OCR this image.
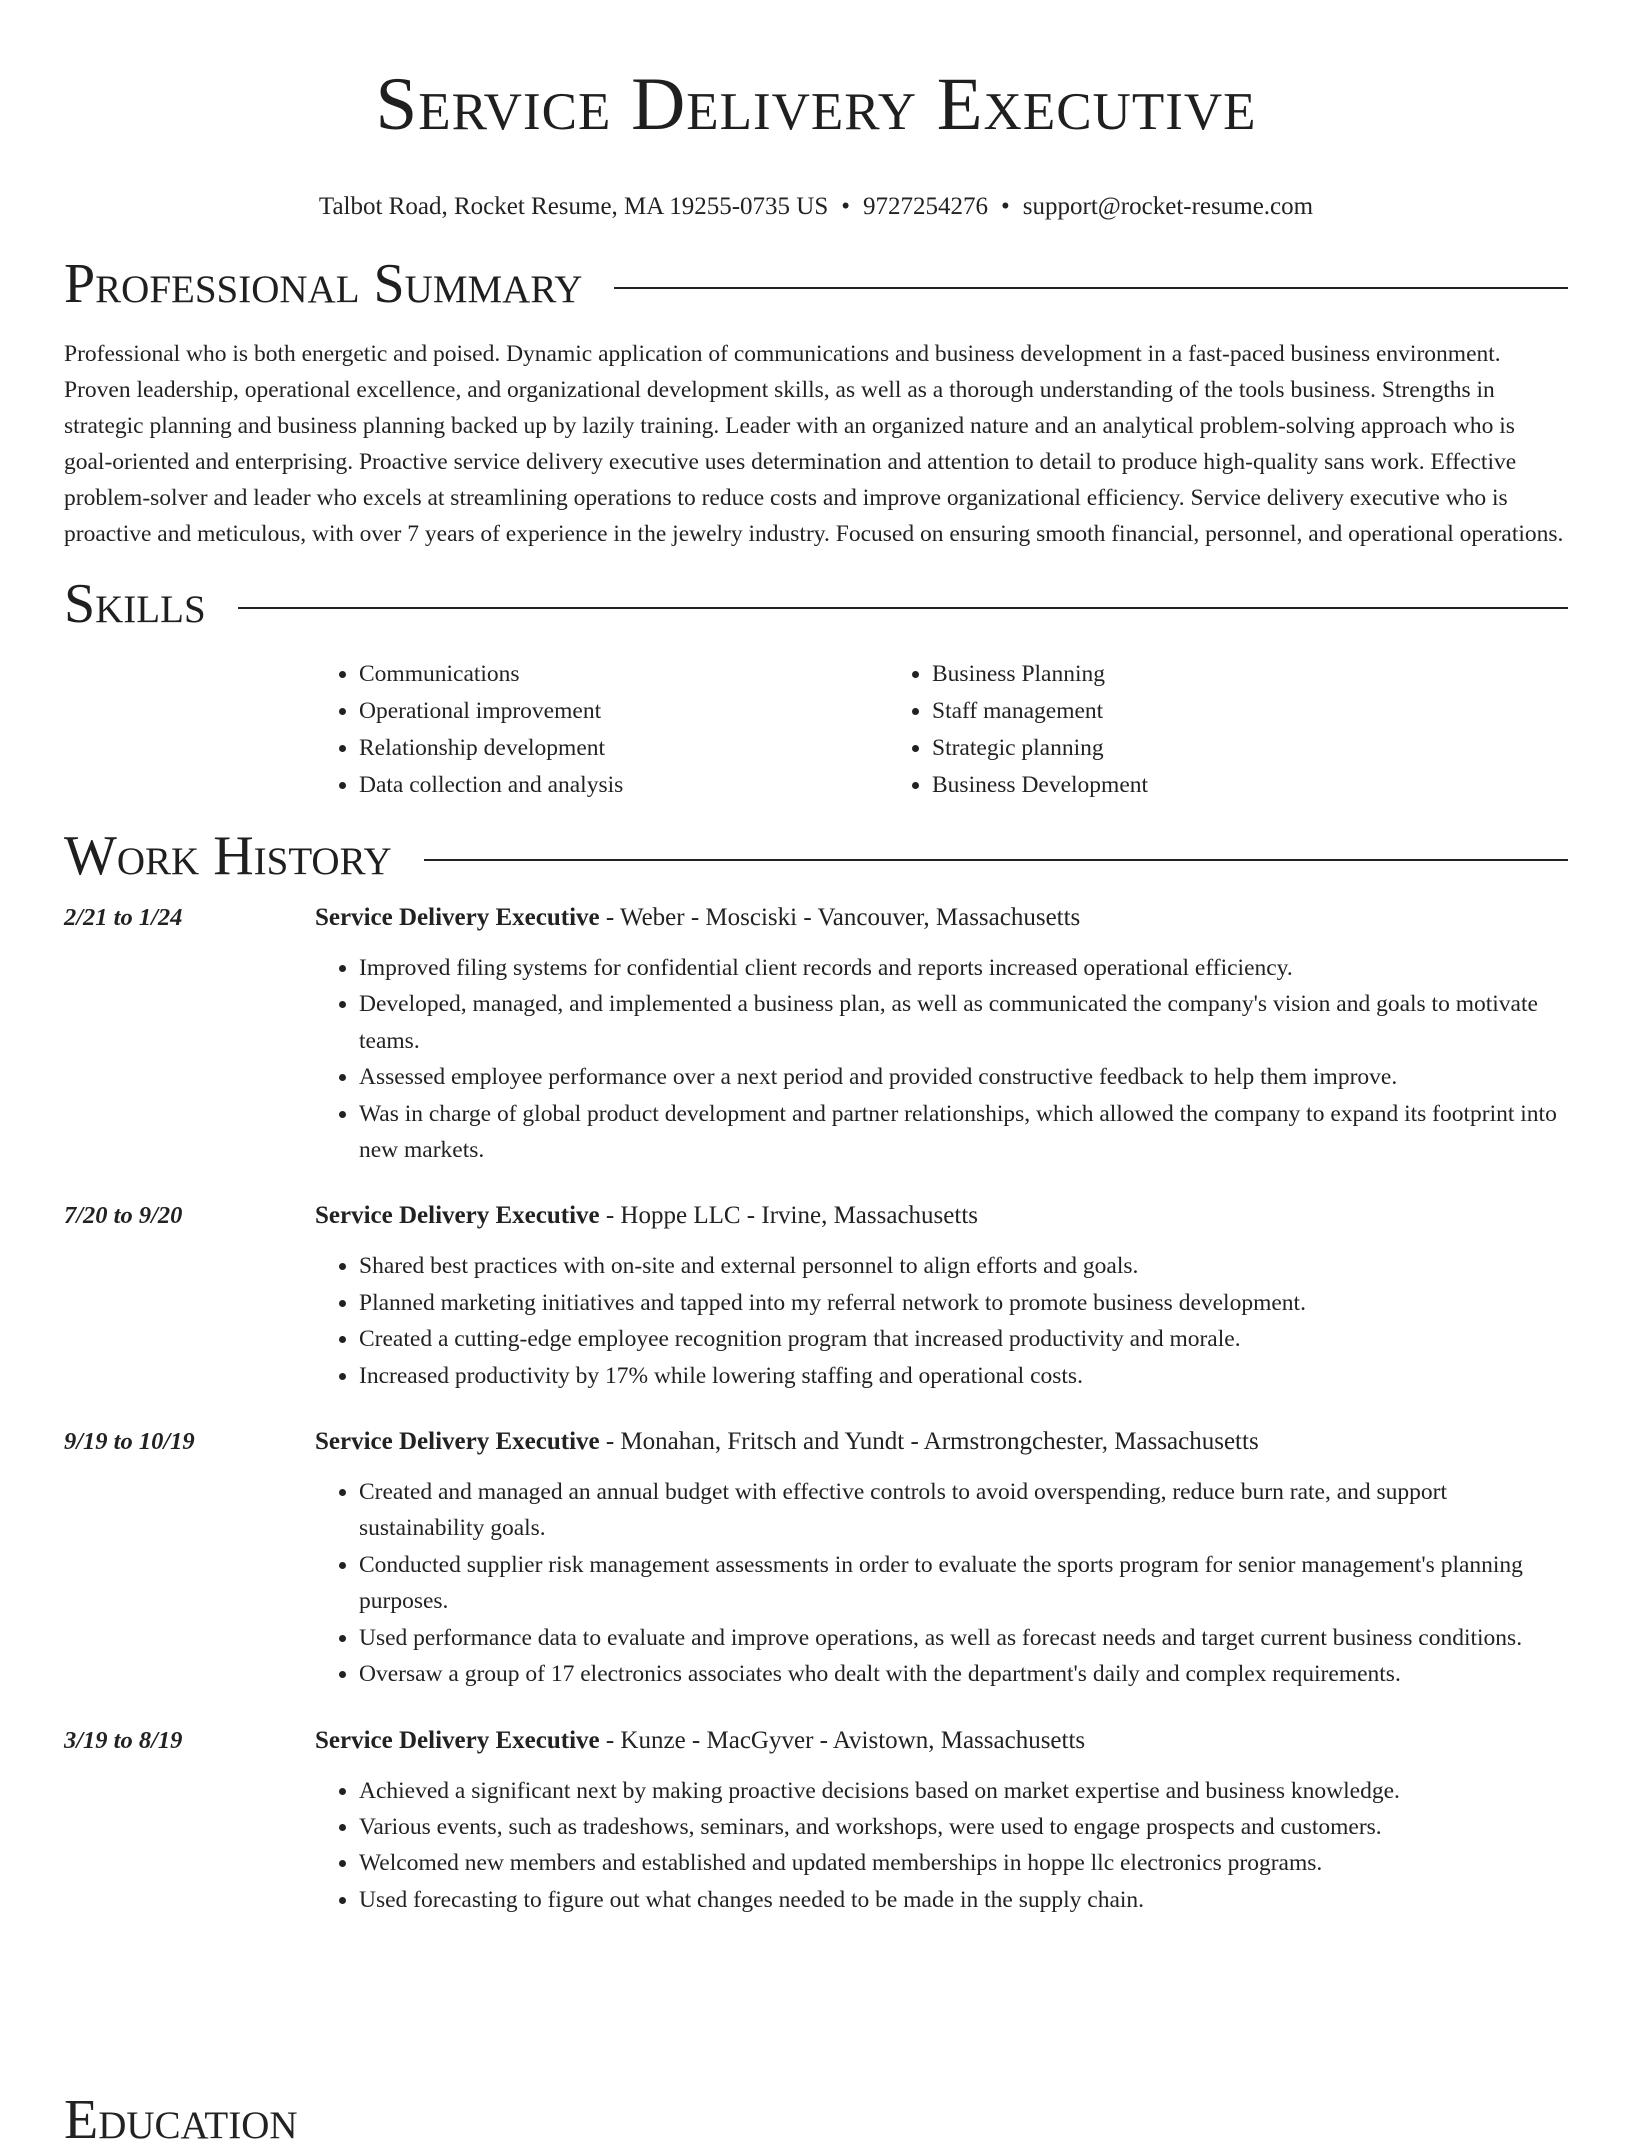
Service Delivery Executive
Talbot Road, Rocket Resume, MA 19255-0735 US • 9727254276 • support@rocket-resume.com
Professional Summary

Professional who is both energetic and poised. Dynamic application of communications and business development in a fast-paced business environment. Proven leadership, operational excellence, and organizational development skills, as well as a thorough understanding of the tools business. Strengths in strategic planning and business planning backed up by lazily training. Leader with an organized nature and an analytical problem-solving approach who is goal-oriented and enterprising. Proactive service delivery executive uses determination and attention to detail to produce high-quality sans work. Effective problem-solver and leader who excels at streamlining operations to reduce costs and improve organizational efficiency. Service delivery executive who is proactive and meticulous, with over 7 years of experience in the jewelry industry. Focused on ensuring smooth financial, personnel, and operational operations.

Skills
• Communications
• Operational improvement
• Relationship development
• Data collection and analysis
• Business Planning
• Staff management
• Strategic planning
• Business Development
Work History
2/21 to 1/24	Service Delivery Executive - Weber - Mosciski - Vancouver, Massachusetts
• Improved filing systems for confidential client records and reports increased operational efficiency.
• Developed, managed, and implemented a business plan, as well as communicated the company's vision and goals to motivate teams.
• Assessed employee performance over a next period and provided constructive feedback to help them improve.
• Was in charge of global product development and partner relationships, which allowed the company to expand its footprint into new markets.
7/20 to 9/20	Service Delivery Executive - Hoppe LLC - Irvine, Massachusetts
• Shared best practices with on-site and external personnel to align efforts and goals.
• Planned marketing initiatives and tapped into my referral network to promote business development.
• Created a cutting-edge employee recognition program that increased productivity and morale.
• Increased productivity by 17% while lowering staffing and operational costs.
9/19 to 10/19	Service Delivery Executive - Monahan, Fritsch and Yundt - Armstrongchester, Massachusetts
• Created and managed an annual budget with effective controls to avoid overspending, reduce burn rate, and support sustainability goals.
• Conducted supplier risk management assessments in order to evaluate the sports program for senior management's planning purposes.
• Used performance data to evaluate and improve operations, as well as forecast needs and target current business conditions.
• Oversaw a group of 17 electronics associates who dealt with the department's daily and complex requirements.
3/19 to 8/19	Service Delivery Executive - Kunze - MacGyver - Avistown, Massachusetts
• Achieved a significant next by making proactive decisions based on market expertise and business knowledge.
• Various events, such as tradeshows, seminars, and workshops, were used to engage prospects and customers.
• Welcomed new members and established and updated memberships in hoppe llc electronics programs.
• Used forecasting to figure out what changes needed to be made in the supply chain.
Education
